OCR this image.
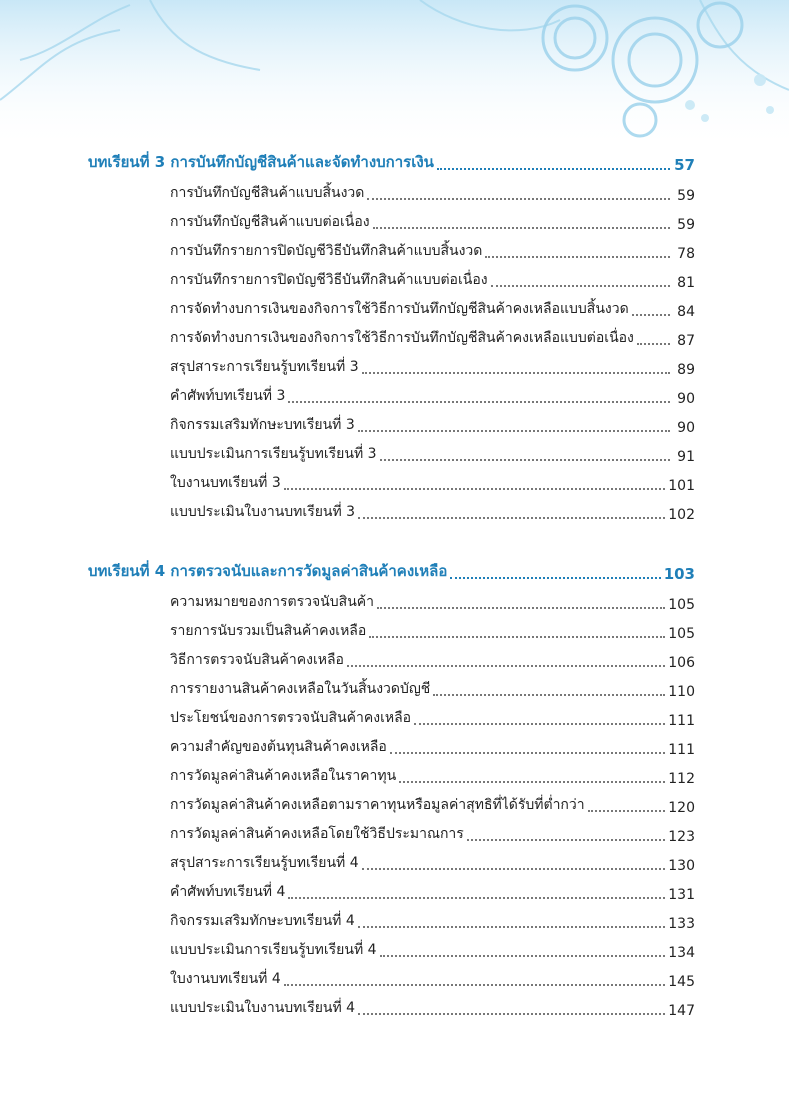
บทเรียนที่ 3 การบันทึกบัญชีสินค้าและจัดทำงบการเงิน	57
การบันทึกบัญชีสินค้าแบบสิ้นงวด	59
การบันทึกบัญชีสินค้าแบบต่อเนื่อง	59
การบันทึกรายการปิดบัญชีวิธีบันทึกสินค้าแบบสิ้นงวด	78
การบันทึกรายการปิดบัญชีวิธีบันทึกสินค้าแบบต่อเนื่อง	81
การจัดทำงบการเงินของกิจการใช้วิธีการบันทึกบัญชีสินค้าคงเหลือแบบสิ้นงวด	84
การจัดทำงบการเงินของกิจการใช้วิธีการบันทึกบัญชีสินค้าคงเหลือแบบต่อเนื่อง	87
สรุปสาระการเรียนรู้บทเรียนที่ 3	89
คำศัพท์บทเรียนที่ 3	90
กิจกรรมเสริมทักษะบทเรียนที่ 3	90
แบบประเมินการเรียนรู้บทเรียนที่ 3	91
ใบงานบทเรียนที่ 3	101
แบบประเมินใบงานบทเรียนที่ 3	102
บทเรียนที่ 4 การตรวจนับและการวัดมูลค่าสินค้าคงเหลือ	103
ความหมายของการตรวจนับสินค้า	105
รายการนับรวมเป็นสินค้าคงเหลือ	105
วิธีการตรวจนับสินค้าคงเหลือ	106
การรายงานสินค้าคงเหลือในวันสิ้นงวดบัญชี	110
ประโยชน์ของการตรวจนับสินค้าคงเหลือ	111
ความสำคัญของต้นทุนสินค้าคงเหลือ	111
การวัดมูลค่าสินค้าคงเหลือในราคาทุน	112
การวัดมูลค่าสินค้าคงเหลือตามราคาทุนหรือมูลค่าสุทธิที่ได้รับที่ต่ำกว่า	120
การวัดมูลค่าสินค้าคงเหลือโดยใช้วิธีประมาณการ	123
สรุปสาระการเรียนรู้บทเรียนที่ 4	130
คำศัพท์บทเรียนที่ 4	131
กิจกรรมเสริมทักษะบทเรียนที่ 4	133
แบบประเมินการเรียนรู้บทเรียนที่ 4	134
ใบงานบทเรียนที่ 4	145
แบบประเมินใบงานบทเรียนที่ 4	147
